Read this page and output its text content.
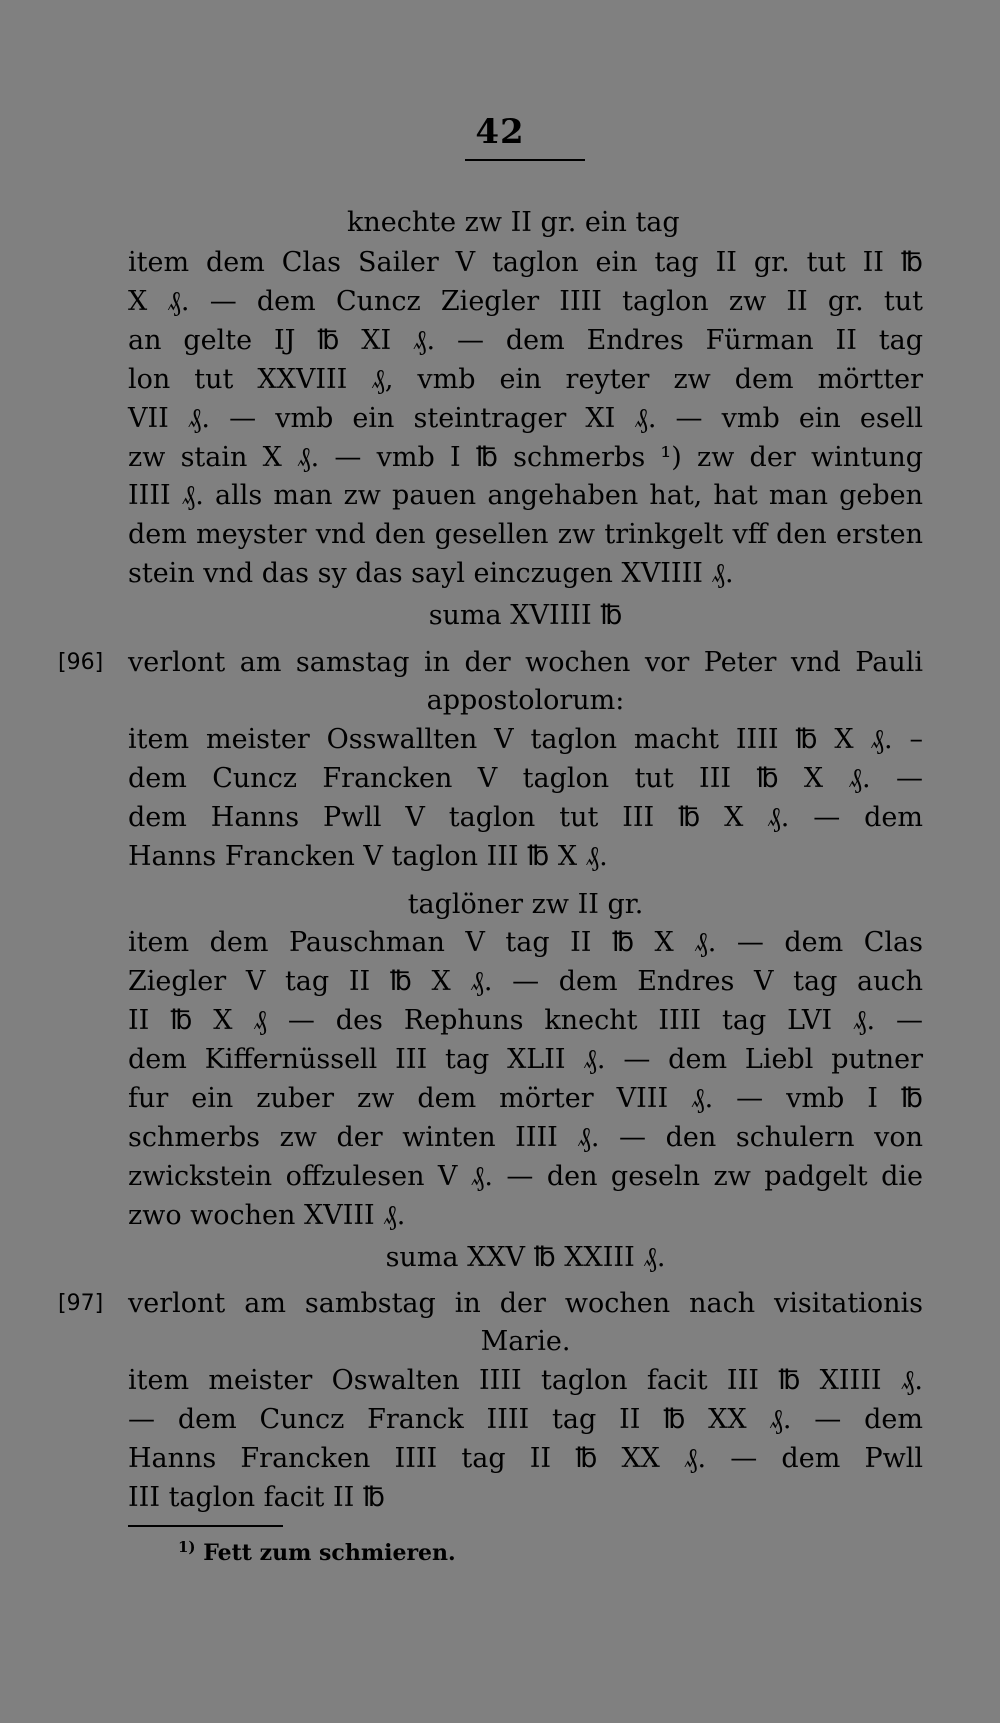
42
knechte zw II gr. ein tag
item dem Clas Sailer V taglon ein tag II gr. tut II ℔
X ₰. — dem Cuncz Ziegler IIII taglon zw II gr. tut
an gelte IJ ℔ XI ₰. — dem Endres Fürman II tag
lon tut XXVIII ₰, vmb ein reyter zw dem mörtter
VII ₰. — vmb ein steintrager XI ₰. — vmb ein esell
zw stain X ₰. — vmb I ℔ schmerbs ¹) zw der wintung
IIII ₰. alls man zw pauen angehaben hat, hat man geben
dem meyster vnd den gesellen zw trinkgelt vff den ersten
stein vnd das sy das sayl einczugen XVIIII ₰.
suma XVIIII ℔
[96] verlont am samstag in der wochen vor Peter vnd Pauli
appostolorum:
item meister Osswallten V taglon macht IIII ℔ X ₰. –
dem Cuncz Francken V taglon tut III ℔ X ₰. —
dem Hanns Pwll V taglon tut III ℔ X ₰. — dem
Hanns Francken V taglon III ℔ X ₰.
taglöner zw II gr.
item dem Pauschman V tag II ℔ X ₰. — dem Clas
Ziegler V tag II ℔ X ₰. — dem Endres V tag auch
II ℔ X ₰ — des Rephuns knecht IIII tag LVI ₰. —
dem Kiffernüssell III tag XLII ₰. — dem Liebl putner
fur ein zuber zw dem mörter VIII ₰. — vmb I ℔
schmerbs zw der winten IIII ₰. — den schulern von
zwickstein offzulesen V ₰. — den geseln zw padgelt die
zwo wochen XVIII ₰.
suma XXV ℔ XXIII ₰.
[97] verlont am sambstag in der wochen nach visitationis
Marie.
item meister Oswalten IIII taglon facit III ℔ XIIII ₰.
— dem Cuncz Franck IIII tag II ℔ XX ₰. — dem
Hanns Francken IIII tag II ℔ XX ₰. — dem Pwll
III taglon facit II ℔
$^{1)}$ Fett zum schmieren.
